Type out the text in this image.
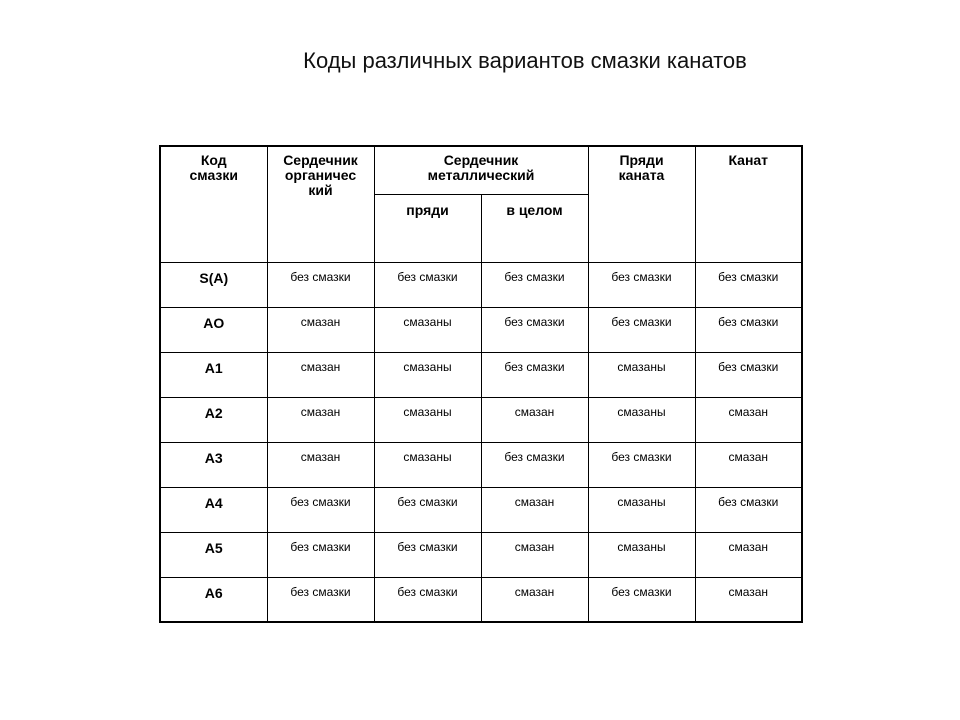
Коды различных вариантов смазки канатов
Код смазки	Сердечник органичес кий	Сердечник металлический		Пряди каната	Канат
		пряди	в целом		
S(A)	без смазки	без смазки	без смазки	без смазки	без смазки
AO	смазан	смазаны	без смазки	без смазки	без смазки
A1	смазан	смазаны	без смазки	смазаны	без смазки
A2	смазан	смазаны	смазан	смазаны	смазан
A3	смазан	смазаны	без смазки	без смазки	смазан
A4	без смазки	без смазки	смазан	смазаны	без смазки
A5	без смазки	без смазки	смазан	смазаны	смазан
A6	без смазки	без смазки	смазан	без смазки	смазан
